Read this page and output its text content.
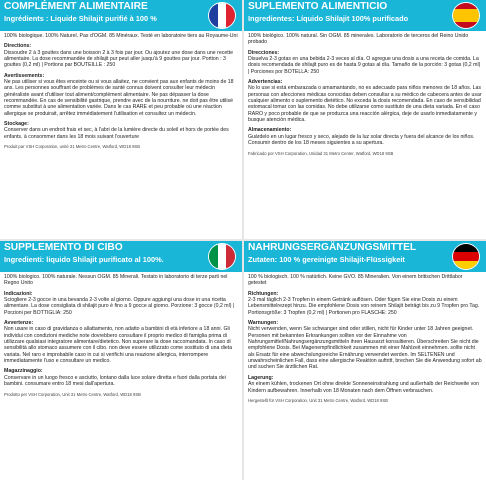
COMPLÉMENT ALIMENTAIRE
Ingrédients : Liquide Shilajit purifié à 100 %

100% biologique. 100% Naturel. Pas d'OGM. 85 Minéraux. Testé en laboratoire tiers au Royaume-Uni

Directions:

Dissoudre 2 à 3 gouttes dans une boisson 2 à 3 fois par jour. Ou ajoutez une dose dans une recette alimentaire. La dose recommandée de shilajit pur peut aller jusqu'à 9 gouttes par jour. Portion : 3 gouttes (0,2 ml) | Portions par BOUTEILLE : 250

Avertissements:

Ne pas utiliser si vous êtes enceinte ou si vous allaitez, ne convient pas aux enfants de moins de 18 ans. Les personnes souffrant de problèmes de santé connus doivent consulter leur médecin généraliste avant d'utiliser tout aliment/complément alimentaire. Ne pas dépasser la dose recommandée. En cas de sensibilité gastrique, prendre avec de la nourriture. ne doit pas être utilisé comme substitut à une alimentation variée. Dans le cas RARE et peu probable où une réaction allergique se produirait, arrêtez immédiatement l'utilisation et consultez un médecin.

Stockage:

Conserver dans un endroit frais et sec, à l'abri de la lumière directe du soleil et hors de portée des enfants. à consommer dans les 18 mois suivant l'ouverture

Produit par VSH Corporation, unité 31 Metro Centre, Watford, WD18 9SB
SUPLEMENTO ALIMENTICIO
Ingredientes: Líquido Shilajit 100% purificado

100% biológico. 100% natural. Sin OGM. 85 minerales. Laboratorio de terceros del Reino Unido probado

Direcciones:

Disuelva 2-3 gotas en una bebida 2-3 veces al día. O agregue una dosis a una receta de comida. La dosis recomendada de shilajit puro es de hasta 9 gotas al día. Tamaño de la porción: 3 gotas (0,2 ml) | Porciones por BOTELLA: 250

Advertencias:

No lo use si está embarazada o amamantando, no es adecuado para niños menores de 18 años. Las personas con afecciones médicas conocidas deben consultar a su médico de cabecera antes de usar cualquier alimento o suplemento dietético. No exceda la dosis recomendada. En caso de sensibilidad estomacal tomar con las comidas. No debe utilizarse como sustituto de una dieta variada. En el caso RARO y poco probable de que se produzca una reacción alérgica, deje de usarlo inmediatamente y busque atención médica.

Almacenamiento:

Guárdelo en un lugar fresco y seco, alejado de la luz solar directa y fuera del alcance de los niños. Consumir dentro de los 18 meses siguientes a su apertura.

Fabricado por VSH Corporation, Unidad 31 Metro Center, Watford, WD18 9SB
SUPPLEMENTO DI CIBO
Ingredienti: liquido Shilajit purificato al 100%.

100% biologico. 100% naturale. Nessun OGM. 85 Minerali. Testato in laboratorio di terze parti nel Regno Unito

Indicazioni:

Sciogliere 2-3 gocce in una bevanda 2-3 volte al giorno. Oppure aggiungi una dose in una ricetta alimentare. La dose consigliata di shilajit puro è fino a 9 gocce al giorno. Porzione: 3 gocce (0,2 ml) | Porzioni per BOTTIGLIA: 250

Avvertenze:

Non usare in caso di gravidanza o allattamento, non adatto a bambini di età inferiore a 18 anni. Gli individui con condizioni mediche note dovrebbero consultare il proprio medico di famiglia prima di utilizzare qualsiasi integratore alimentare/dietetico. Non superare la dose raccomandata. In caso di sensibilità allo stomaco assumere con il cibo. non deve essere utilizzato come sostituto di una dieta variata. Nel raro e improbabile caso in cui si verifichi una reazione allergica, interrompere immediatamente l'uso e consultare un medico.

Magazzinaggio:

Conservare in un luogo fresco e asciutto, lontano dalla luce solare diretta e fuori dalla portata dei bambini. consumare entro 18 mesi dall'apertura.

Prodotto per VSH Corporation, Unit 31 Metro Centre, Watford, WD18 9SB
NAHRUNGSERGÄNZUNGSMITTEL
Zutaten: 100 % gereinigte Shilajit-Flüssigkeit

100 % biologisch. 100 % natürlich. Keine GVO. 85 Mineralien. Von einem britischen Drittlabor getestet

Richtungen:

2-3 mal täglich 2-3 Tropfen in einem Getränk auflösen. Oder fügen Sie eine Dosis zu einem Lebensmittelrezept hinzu. Die empfohlene Dosis von reinem Shilajit beträgt bis zu 9 Tropfen pro Tag. Portionsgröße: 3 Tropfen (0,2 ml) | Portionen pro FLASCHE: 250

Warnungen:

Nicht verwenden, wenn Sie schwanger sind oder stillen, nicht für Kinder unter 18 Jahren geeignet. Personen mit bekannten Erkrankungen sollten vor der Einnahme von Nahrungsmittel/Nahrungsergänzungsmitteln ihren Hausarzt konsultieren. Überschreiten Sie nicht die empfohlene Dosis. Bei Magenempfindlichkeit zusammen mit einer Mahlzeit einnehmen. sollte nicht als Ersatz für eine abwechslungsreiche Ernährung verwendet werden. Im SELTENEN und unwahrscheinlichen Fall, dass eine allergische Reaktion auftritt, brechen Sie die Anwendung sofort ab und suchen Sie ärztlichen Rat.

Lagerung:

An einem kühlen, trockenen Ort ohne direkte Sonneneinstrahlung und außerhalb der Reichweite von Kindern aufbewahren. Innerhalb von 18 Monaten nach dem Öffnen verbrauchen.

Hergestellt für VSH Corporation, Unit 31 Metro Centre, Watford, WD18 9SB
